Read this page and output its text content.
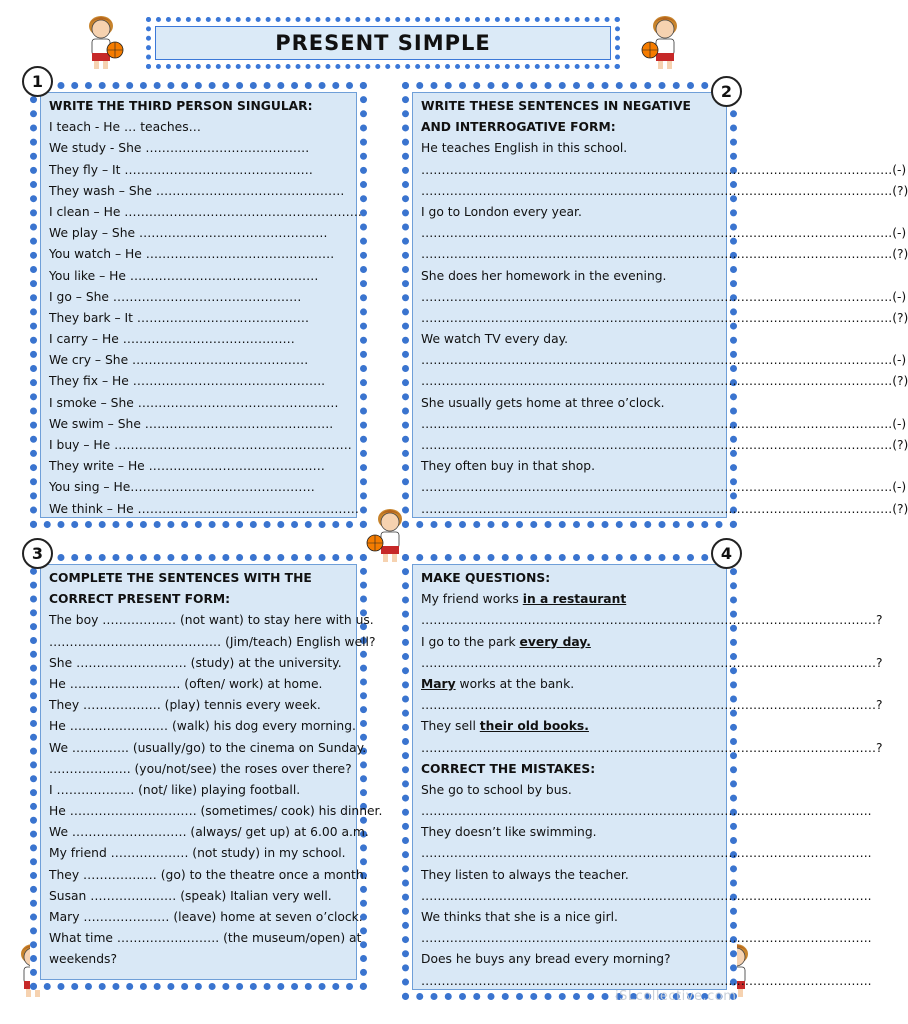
PRESENT SIMPLE
WRITE THE THIRD PERSON SINGULAR:
I teach - He … teaches…
We study - She ………………………………….
They fly – It ……………………………………….
They wash – She ……………………………………….
I clean – He ………………………………………………….
We play – She ……………………………………….
You watch – He ……………………………………….
You like – He ……………………………………….
I go – She ……………………………………….
They bark – It ……………………………………
I carry – He ……………………………………
We cry – She …………………………………….
They fix – He ………………………………………..
I smoke – She ………………………………………….
We swim – She ……………………………………….
I buy – He ………………………………………………….
They write – He …………………………………….
You sing – He………………………………………
We think – He ………………………………………………
1
WRITE THESE SENTENCES IN NEGATIVE
AND INTERROGATIVE FORM:
He teaches English in this school.
…………………………………………………………………………………………………….(-)
…………………………………………………………………………………………………….(?)
I go to London every year.
…………………………………………………………………………………………………….(-)
…………………………………………………………………………………………………….(?)
She does her homework in the evening.
…………………………………………………………………………………………………….(-)
…………………………………………………………………………………………………….(?)
We watch TV every day.
…………………………………………………………………………………………………….(-)
…………………………………………………………………………………………………….(?)
She usually gets home at three o’clock.
…………………………………………………………………………………………………….(-)
…………………………………………………………………………………………………….(?)
They often buy in that shop.
…………………………………………………………………………………………………….(-)
…………………………………………………………………………………………………….(?)
2
COMPLETE THE SENTENCES WITH THE
CORRECT PRESENT FORM:
The boy ……………… (not want) to stay here with us.
…………………………………… (Jim/teach) English well?
She ……………………… (study) at the university.
He ……………………… (often/ work) at home.
They ………………. (play) tennis every week.
He …………………… (walk) his dog every morning.
We ………….. (usually/go) to the cinema on Sunday.
……………….. (you/not/see) the roses over there?
I ………………. (not/ like) playing football.
He …………………………. (sometimes/ cook) his dinner.
We ………………………. (always/ get up) at 6.00 a.m.
My friend ………………. (not study) in my school.
They ……………… (go) to the theatre once a month.
Susan ………………… (speak) Italian very well.
Mary ………………… (leave) home at seven o’clock.
What time ……………………. (the museum/open) at
weekends?
3
MAKE QUESTIONS:
My friend works in a restaurant
…………………………………………………………………………………………………?
I go to the park every day.
…………………………………………………………………………………………………?
Mary works at the bank.
…………………………………………………………………………………………………?
They sell their old books.
…………………………………………………………………………………………………?
CORRECT THE MISTAKES:
She go to school by bus.
………………………………………………………………………………………………..
They doesn’t like swimming.
………………………………………………………………………………………………..
They listen to always the teacher.
………………………………………………………………………………………………..
We thinks that she is a nice girl.
………………………………………………………………………………………………..
Does he buys any bread every morning?
………………………………………………………………………………………………..
4
iSLcollective.com
